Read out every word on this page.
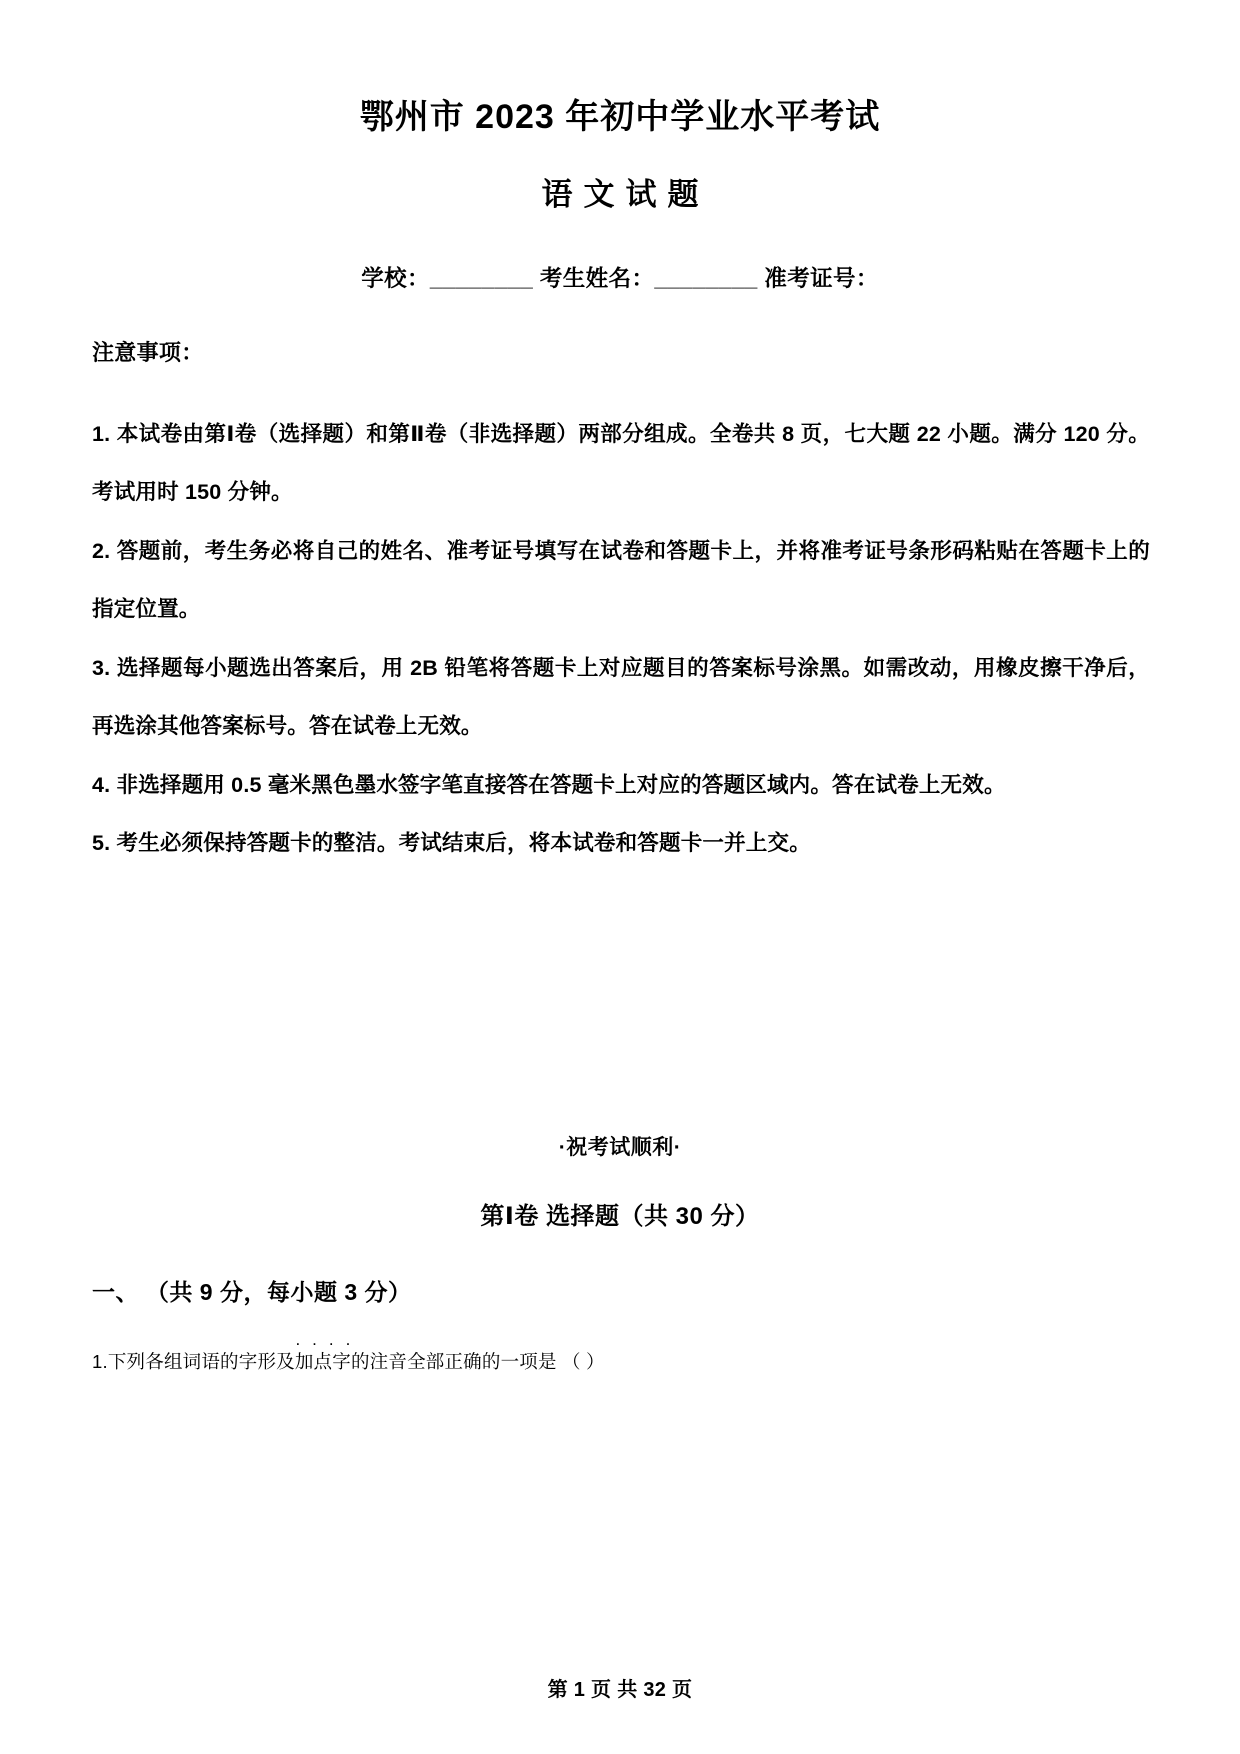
鄂州市 2023 年初中学业水平考试
语文试题
学校：________ 考生姓名：________ 准考证号：
注意事项：
1. 本试卷由第Ⅰ卷（选择题）和第Ⅱ卷（非选择题）两部分组成。全卷共 8 页，七大题 22 小题。满分 120 分。考试用时 150 分钟。
2. 答题前，考生务必将自己的姓名、准考证号填写在试卷和答题卡上，并将准考证号条形码粘贴在答题卡上的指定位置。
3. 选择题每小题选出答案后，用 2B 铅笔将答题卡上对应题目的答案标号涂黑。如需改动，用橡皮擦干净后，再选涂其他答案标号。答在试卷上无效。
4. 非选择题用 0.5 毫米黑色墨水签字笔直接答在答题卡上对应的答题区域内。答在试卷上无效。
5. 考生必须保持答题卡的整洁。考试结束后，将本试卷和答题卡一并上交。
·祝考试顺利·
第Ⅰ卷 选择题（共 30 分）
一、 （共 9 分，每小题 3 分）
1.下列各组词语的字形及.... 加点字的注音全部正确的一项是 （ ）
第 1 页 共 32 页
